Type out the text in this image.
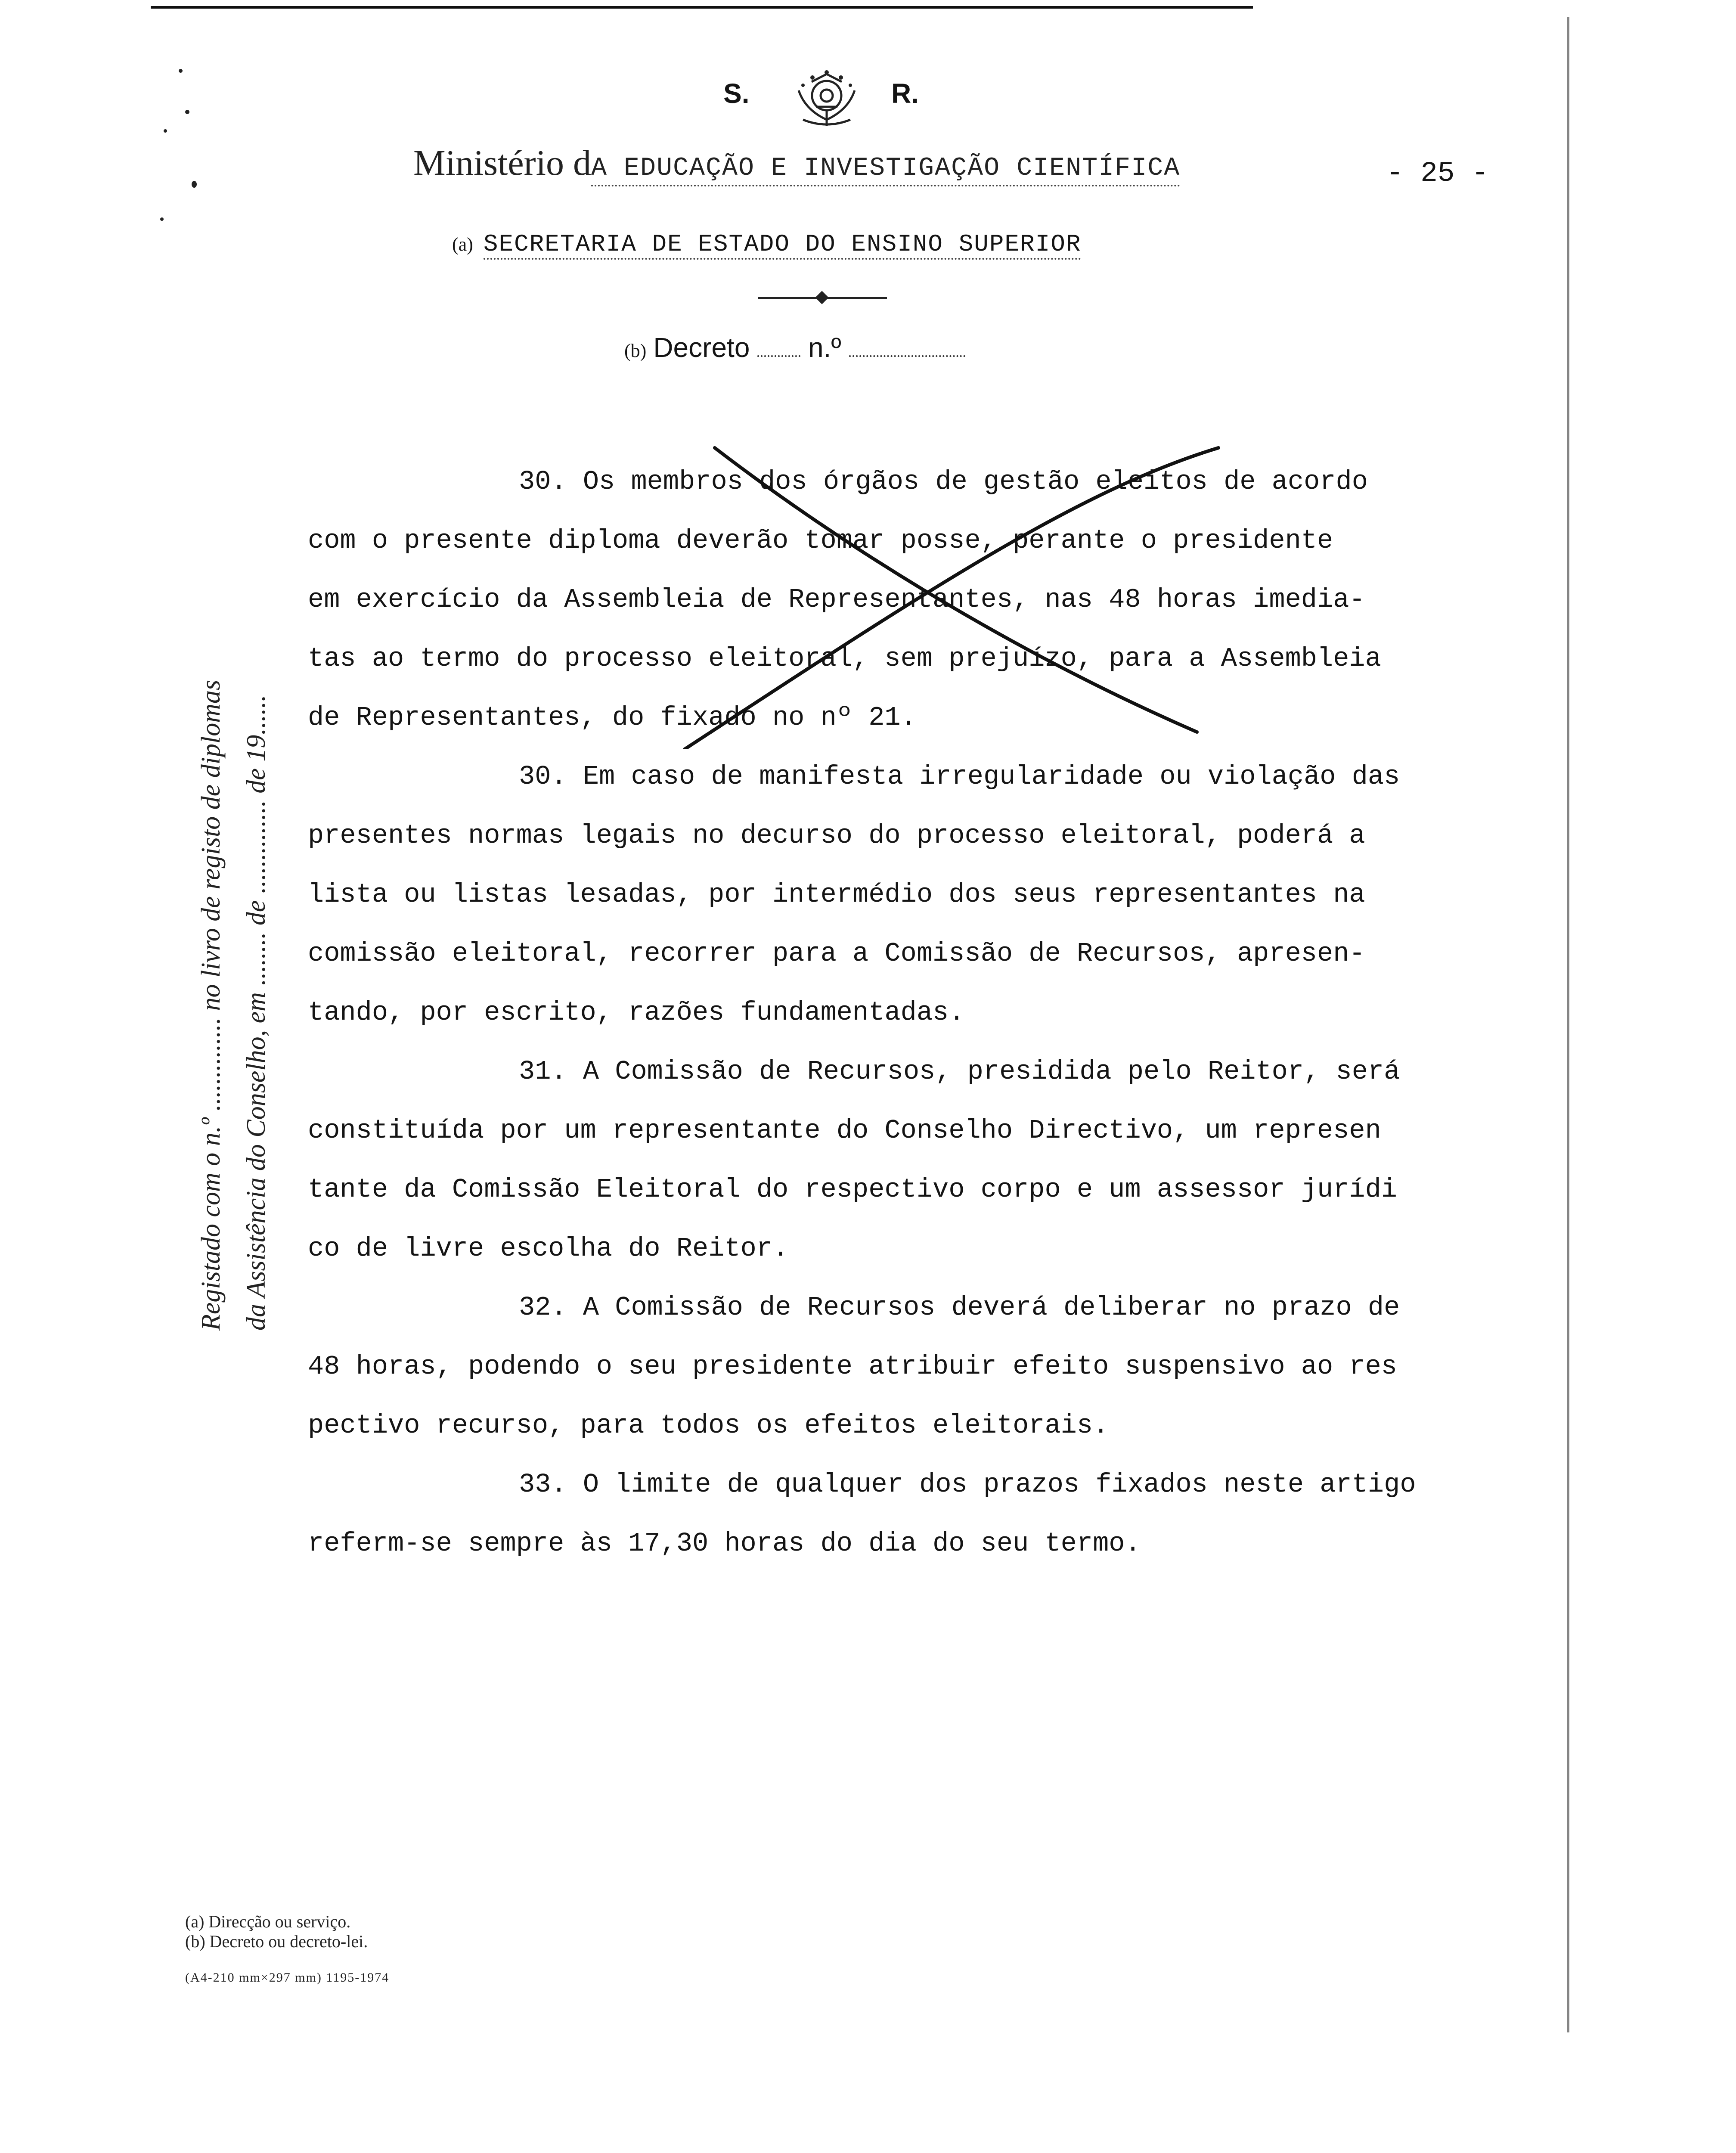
S.	R.
Ministério dA EDUCAÇÃO E INVESTIGAÇÃO CIENTÍFICA	- 25 -
(a) SECRETARIA DE ESTADO DO ENSINO SUPERIOR
(b) Decreto n.º
Registado com o n.º .............. no livro de registo de diplomas da Assistência do Conselho, em ........ de .............. de 19......
30. Os membros dos órgãos de gestão eleitos de acordo
com o presente diploma deverão tomar posse, perante o presidente
em exercício da Assembleia de Representantes, nas 48 horas imedia-
tas ao termo do processo eleitoral, sem prejuízo, para a Assembleia
de Representantes, do fixado no nº 21.
30. Em caso de manifesta irregularidade ou violação das
presentes normas legais no decurso do processo eleitoral, poderá a
lista ou listas lesadas, por intermédio dos seus representantes na
comissão eleitoral, recorrer para a Comissão de Recursos, apresen-
tando, por escrito, razões fundamentadas.
31. A Comissão de Recursos, presidida pelo Reitor, será
constituída por um representante do Conselho Directivo, um represen
tante da Comissão Eleitoral do respectivo corpo e um assessor jurídi
co de livre escolha do Reitor.
32. A Comissão de Recursos deverá deliberar no prazo de
48 horas, podendo o seu presidente atribuir efeito suspensivo ao res
pectivo recurso, para todos os efeitos eleitorais.
33. O limite de qualquer dos prazos fixados neste artigo
referm-se sempre às 17,30 horas do dia do seu termo.
(a) Direcção ou serviço.
(b) Decreto ou decreto-lei.
(A4-210 mm×297 mm) 1195-1974
